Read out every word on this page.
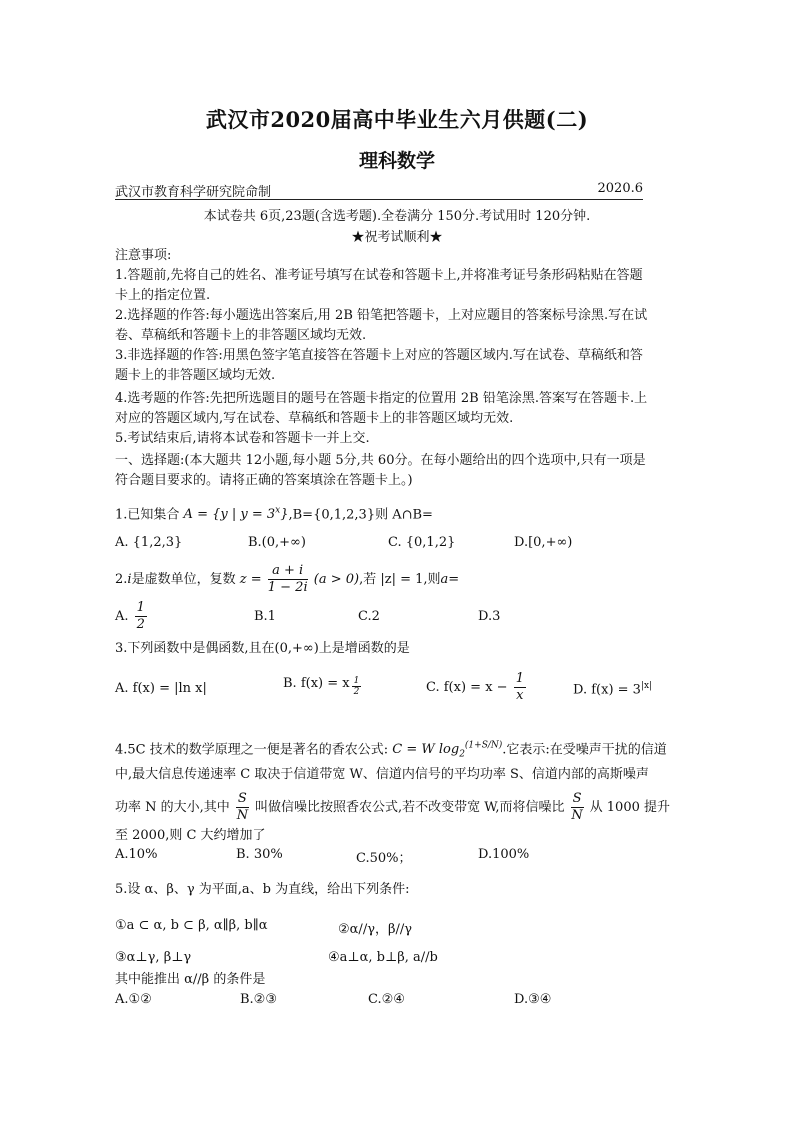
武汉市2020届高中毕业生六月供题(二)
理科数学
武汉市教育科学研究院命制	2020.6
本试卷共 6页,23题(含选考题).全卷满分 150分.考试用时 120分钟.
★祝考试顺利★
注意事项:
1.答题前,先将自己的姓名、准考证号填写在试卷和答题卡上,并将准考证号条形码粘贴在答题
卡上的指定位置.
2.选择题的作答:每小题选出答案后,用 2B 铅笔把答题卡，上对应题目的答案标号涂黑.写在试
卷、草稿纸和答题卡上的非答题区域均无效.
3.非选择题的作答:用黑色签字笔直接答在答题卡上对应的答题区域内.写在试卷、草稿纸和答
题卡上的非答题区域均无效.
4.选考题的作答:先把所选题目的题号在答题卡指定的位置用 2B 铅笔涂黑.答案写在答题卡.上
对应的答题区域内,写在试卷、草稿纸和答题卡上的非答题区域均无效.
5.考试结束后,请将本试卷和答题卡一并上交.
一、选择题:(本大题共 12小题,每小题 5分,共 60分。在每小题给出的四个选项中,只有一项是
符合题目要求的。请将正确的答案填涂在答题卡上。)
1.已知集合 A = {y | $y = 3^x\},B=\{0,1,2,3\}$则 A∩B=
A. {1,2,3}	B.(0,+∞)	C. {0,1,2}	D.[0,+∞)
2.i是虚数单位，复数 $z = \frac{a + i}{1 - 2i} (a > 0)$,若 |z| = 1,则a=
A. $\frac{1}{2}$	B.1	C.2	D.3
3.下列函数中是偶函数,且在(0,+∞)上是增函数的是
A. f(x) = |ln x|	B. f(x) = x $^{\frac{1}{2}}$	C. $f(x) = x - \frac{1}{x}$	D. $f(x) = 3^{|x|}$
4.5C 技术的数学原理之一便是著名的香农公式: C = W $\log_2^{(1+S/N)}$.它表示:在受噪声干扰的信道
中,最大信息传递速率 C 取决于信道带宽 W、信道内信号的平均功率 S、信道内部的高斯噪声
功率 N 的大小,其中 $\frac{S}{N}$ 叫做信噪比按照香农公式,若不改变带宽 W,而将信噪比 $\frac{S}{N}$ 从 1000 提升
至 2000,则 C 大约增加了
A.10%	B. 30%	C.50%；	D.100%
5.设 α、β、γ 为平面,a、b 为直线，给出下列条件:
①a ⊂ α, b ⊂ β, α∥β, b∥α	②α//γ，β//γ
③α⊥γ, β⊥γ	④a⊥α, b⊥β, a//b
其中能推出 α//β 的条件是
A.①②	B.②③	C.②④	D.③④
